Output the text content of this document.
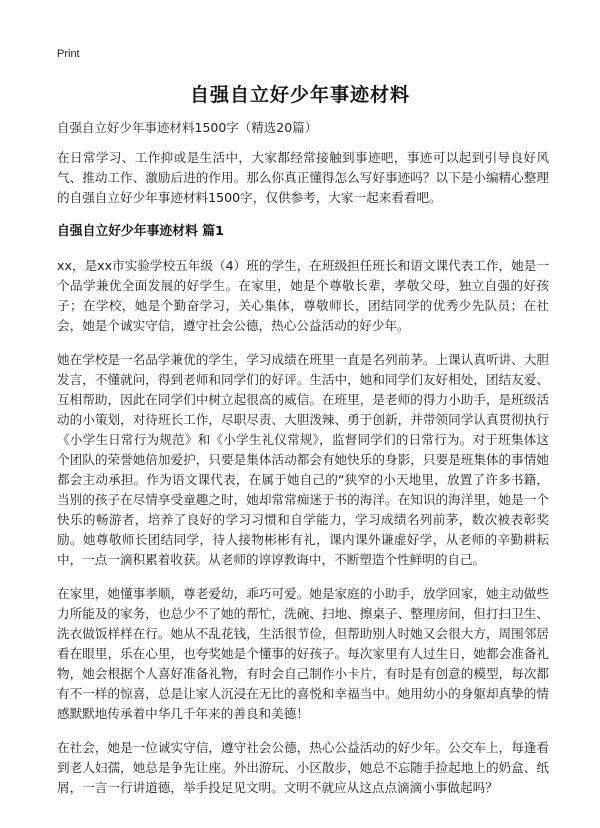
Print
自强自立好少年事迹材料

自强自立好少年事迹材料1500字（精选20篇）

在日常学习、工作抑或是生活中，大家都经常接触到事迹吧，事迹可以起到引导良好风气、推动工作、激励后进的作用。那么你真正懂得怎么写好事迹吗？以下是小编精心整理的自强自立好少年事迹材料1500字，仅供参考，大家一起来看看吧。

自强自立好少年事迹材料 篇1

xx，是xx市实验学校五年级（4）班的学生，在班级担任班长和语文课代表工作，她是一个品学兼优全面发展的好学生。在家里，她是个尊敬长辈，孝敬父母，独立自强的好孩子；在学校，她是个勤奋学习，关心集体，尊敬师长，团结同学的优秀少先队员；在社会，她是个诚实守信，遵守社会公德，热心公益活动的好少年。

她在学校是一名品学兼优的学生，学习成绩在班里一直是名列前茅。上课认真听讲、大胆发言，不懂就问，得到老师和同学们的好评。生活中，她和同学们友好相处，团结友爱、互相帮助，因此在同学们中树立起很高的威信。在班里，是老师的得力小助手，是班级活动的小策划，对待班长工作，尽职尽责、大胆泼辣、勇于创新，并带领同学认真贯彻执行《小学生日常行为规范》和《小学生礼仪常规》，监督同学们的日常行为。对于班集体这个团队的荣誉她倍加爱护，只要是集体活动都会有她快乐的身影，只要是班集体的事情她都会主动承担。作为语文课代表，在属于她自己的“狭窄的小天地里，放置了许多书籍，当别的孩子在尽情享受童趣之时，她却常常痴迷于书的海洋。在知识的海洋里，她是一个快乐的畅游者，培养了良好的学习习惯和自学能力，学习成绩名列前茅，数次被表彰奖励。她尊敬师长团结同学，待人接物彬彬有礼，课内课外谦虚好学，从老师的辛勤耕耘中，一点一滴积累着收获。从老师的谆谆教诲中，不断塑造个性鲜明的自己。

在家里，她懂事孝顺，尊老爱幼，乖巧可爱。她是家庭的小助手，放学回家，她主动做些力所能及的家务，也总少不了她的帮忙，洗碗、扫地、擦桌子、整理房间，但打扫卫生、洗衣做饭样样在行。她从不乱花钱，生活很节俭，但帮助别人时她又会很大方，周围邻居看在眼里，乐在心里，也夸奖她是个懂事的好孩子。每次家里有人过生日，她都会准备礼物，她会根据个人喜好准备礼物，有时会自己制作小卡片，有时是有创意的模型，每次都有不一样的惊喜，总是让家人沉浸在无比的喜悦和幸福当中。她用幼小的身躯却真挚的情感默默地传承着中华几千年来的善良和美德！

在社会，她是一位诚实守信，遵守社会公德，热心公益活动的好少年。公交车上，每逢看到老人妇孺，她总是争先让座。外出游玩、小区散步，她总不忘随手捡起地上的奶盒、纸屑，一言一行讲道德，举手投足见文明。文明不就应从这点点滴滴小事做起吗？
